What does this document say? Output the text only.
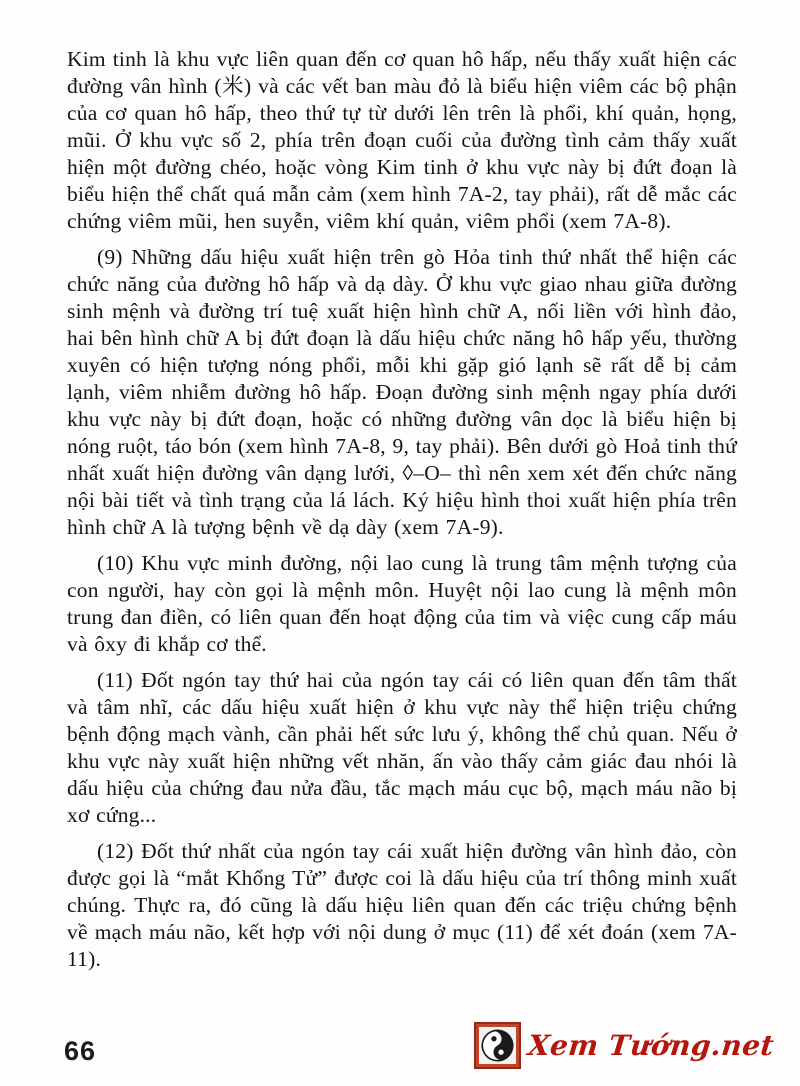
Kim tinh là khu vực liên quan đến cơ quan hô hấp, nếu thấy xuất hiện các đường vân hình (米) và các vết ban màu đỏ là biểu hiện viêm các bộ phận của cơ quan hô hấp, theo thứ tự từ dưới lên trên là phổi, khí quản, họng, mũi. Ở khu vực số 2, phía trên đoạn cuối của đường tình cảm thấy xuất hiện một đường chéo, hoặc vòng Kim tinh ở khu vực này bị đứt đoạn là biểu hiện thể chất quá mẫn cảm (xem hình 7A-2, tay phải), rất dễ mắc các chứng viêm mũi, hen suyễn, viêm khí quản, viêm phổi (xem 7A-8).

(9) Những dấu hiệu xuất hiện trên gò Hỏa tinh thứ nhất thể hiện các chức năng của đường hô hấp và dạ dày. Ở khu vực giao nhau giữa đường sinh mệnh và đường trí tuệ xuất hiện hình chữ A, nối liền với hình đảo, hai bên hình chữ A bị đứt đoạn là dấu hiệu chức năng hô hấp yếu, thường xuyên có hiện tượng nóng phổi, mỗi khi gặp gió lạnh sẽ rất dễ bị cảm lạnh, viêm nhiễm đường hô hấp. Đoạn đường sinh mệnh ngay phía dưới khu vực này bị đứt đoạn, hoặc có những đường vân dọc là biểu hiện bị nóng ruột, táo bón (xem hình 7A-8, 9, tay phải). Bên dưới gò Hoả tinh thứ nhất xuất hiện đường vân dạng lưới, ◊–O– thì nên xem xét đến chức năng nội bài tiết và tình trạng của lá lách. Ký hiệu hình thoi xuất hiện phía trên hình chữ A là tượng bệnh về dạ dày (xem 7A-9).

(10) Khu vực minh đường, nội lao cung là trung tâm mệnh tượng của con người, hay còn gọi là mệnh môn. Huyệt nội lao cung là mệnh môn trung đan điền, có liên quan đến hoạt động của tim và việc cung cấp máu và ôxy đi khắp cơ thể.

(11) Đốt ngón tay thứ hai của ngón tay cái có liên quan đến tâm thất và tâm nhĩ, các dấu hiệu xuất hiện ở khu vực này thể hiện triệu chứng bệnh động mạch vành, cần phải hết sức lưu ý, không thể chủ quan. Nếu ở khu vực này xuất hiện những vết nhăn, ấn vào thấy cảm giác đau nhói là dấu hiệu của chứng đau nửa đầu, tắc mạch máu cục bộ, mạch máu não bị xơ cứng...

(12) Đốt thứ nhất của ngón tay cái xuất hiện đường vân hình đảo, còn được gọi là “mắt Khổng Tử” được coi là dấu hiệu của trí thông minh xuất chúng. Thực ra, đó cũng là dấu hiệu liên quan đến các triệu chứng bệnh về mạch máu não, kết hợp với nội dung ở mục (11) để xét đoán (xem 7A-11).

66	Xem Tướng.net
